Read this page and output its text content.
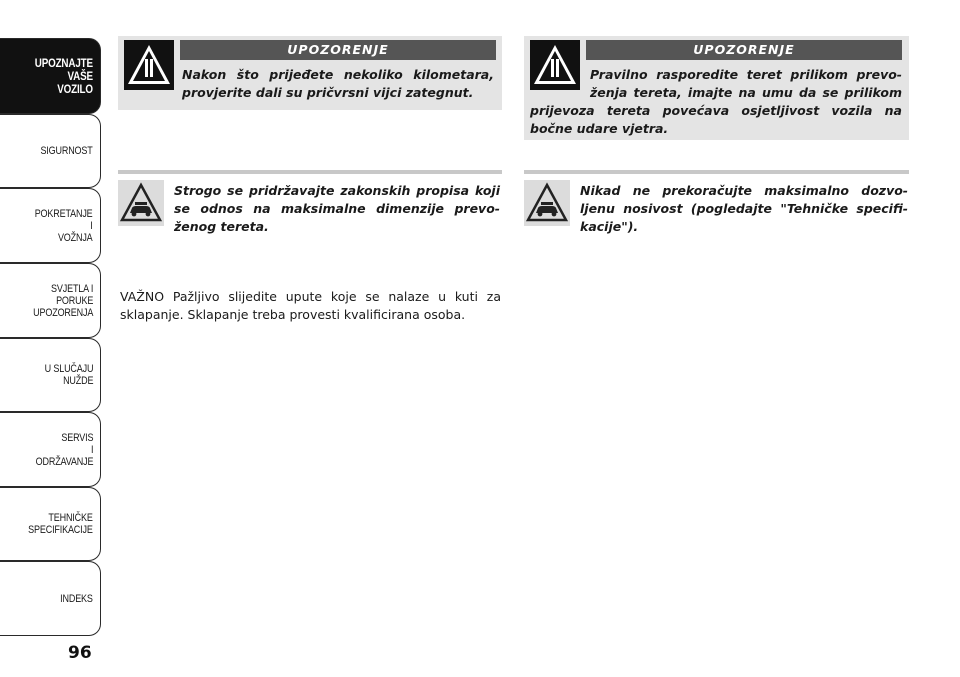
UPOZNAJTE
VAŠE
VOZILO
SIGURNOST
POKRETANJE
I
VOŽNJA
SVJETLA I
PORUKE
UPOZORENJA
U SLUČAJU
NUŽDE
SERVIS
I
ODRŽAVANJE
TEHNIČKE
SPECIFIKACIJE
INDEKS
96
UPOZORENJE
Nakon što prijeđete nekoliko kilometara, provjerite dali su pričvrsni vijci zategnut.
Strogo se pridržavajte zakonskih propisa koji se odnos na maksimalne dimenzije prevo-ženog tereta.
VAŽNO Pažljivo slijedite upute koje se nalaze u kuti za sklapanje. Sklapanje treba provesti kvalificirana osoba.
UPOZORENJE
Pravilno rasporedite teret prilikom prevo-
ženja tereta, imajte na umu da se prilikom
prijevoza tereta povećava osjetljivost vozila na bočne udare vjetra.
Nikad ne prekoračujte maksimalno dozvo-ljenu nosivost (pogledajte "Tehničke specifi-kacije").
